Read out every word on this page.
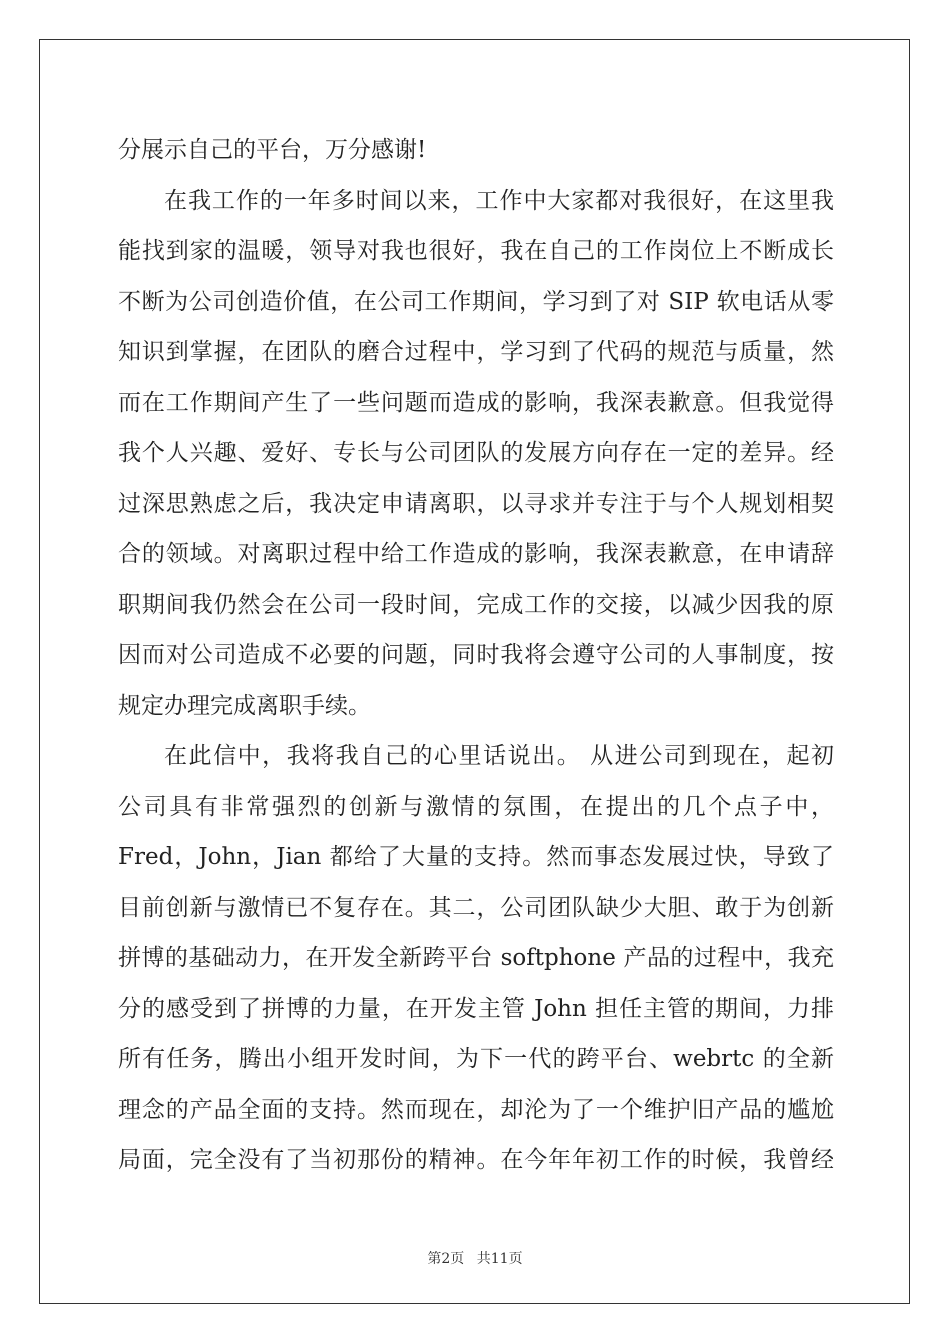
分展示自己的平台，万分感谢!
在我工作的一年多时间以来，工作中大家都对我很好，在这里我
能找到家的温暖，领导对我也很好，我在自己的工作岗位上不断成长
不断为公司创造价值，在公司工作期间，学习到了对 SIP 软电话从零
知识到掌握，在团队的磨合过程中，学习到了代码的规范与质量，然
而在工作期间产生了一些问题而造成的影响，我深表歉意。但我觉得
我个人兴趣、爱好、专长与公司团队的发展方向存在一定的差异。经
过深思熟虑之后，我决定申请离职，以寻求并专注于与个人规划相契
合的领域。对离职过程中给工作造成的影响，我深表歉意，在申请辞
职期间我仍然会在公司一段时间，完成工作的交接，以减少因我的原
因而对公司造成不必要的问题，同时我将会遵守公司的人事制度，按
规定办理完成离职手续。
在此信中，我将我自己的心里话说出。 从进公司到现在，起初
公司具有非常强烈的创新与激情的氛围，在提出的几个点子中，
Fred，John，Jian 都给了大量的支持。然而事态发展过快，导致了
目前创新与激情已不复存在。其二，公司团队缺少大胆、敢于为创新
拼博的基础动力，在开发全新跨平台 softphone 产品的过程中，我充
分的感受到了拼博的力量，在开发主管 John 担任主管的期间，力排
所有任务，腾出小组开发时间，为下一代的跨平台、webrtc 的全新
理念的产品全面的支持。然而现在，却沦为了一个维护旧产品的尴尬
局面，完全没有了当初那份的精神。在今年年初工作的时候，我曾经
第2页 共11页
